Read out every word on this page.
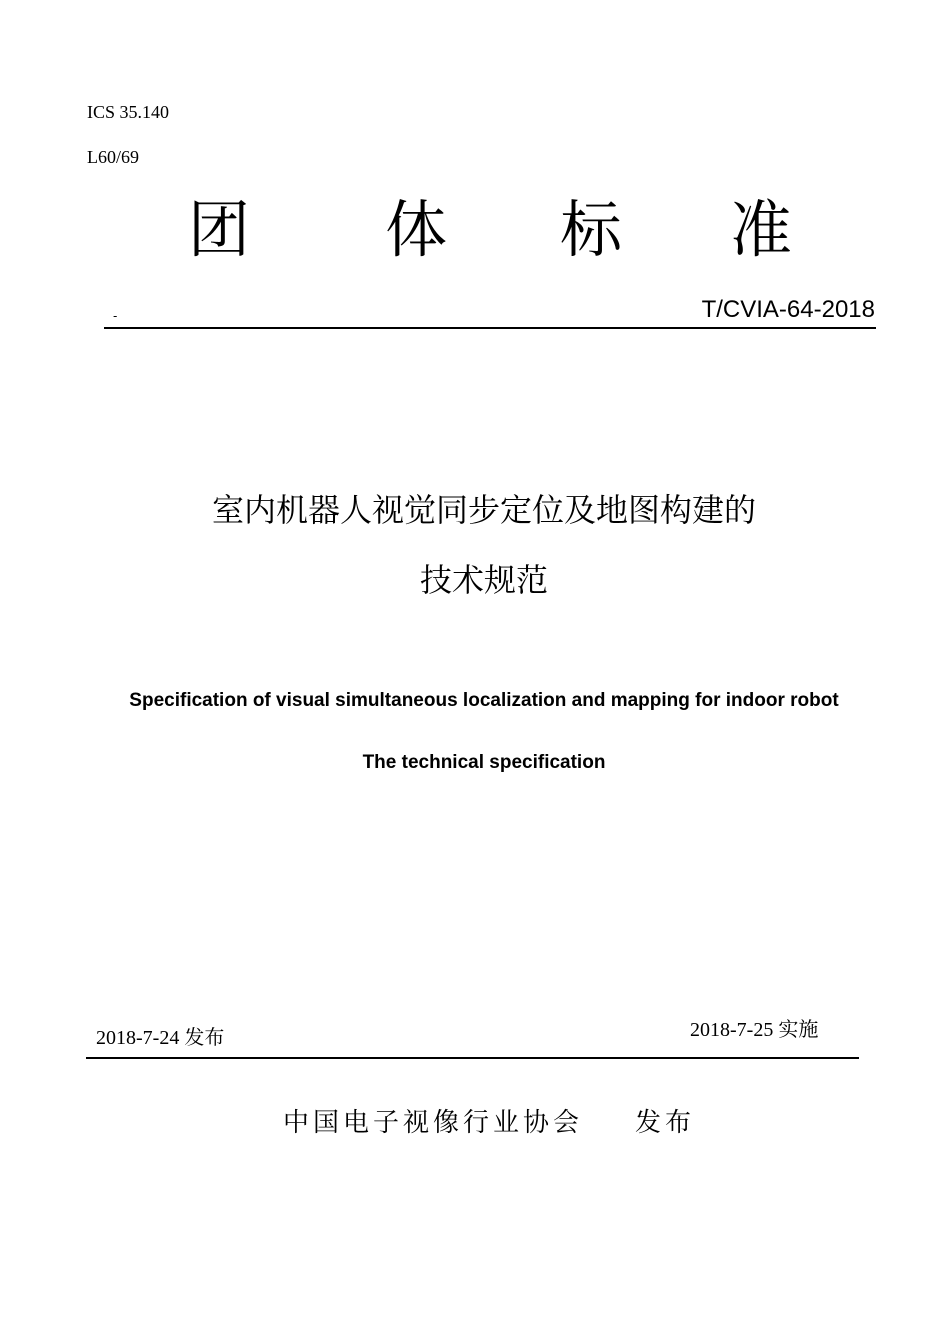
ICS 35.140
L60/69
团 体 标 准
-	T/CVIA-64-2018
室内机器人视觉同步定位及地图构建的
技术规范
Specification of visual simultaneous localization and mapping for indoor robot
The technical specification
2018-7-24 发布	2018-7-25 实施
中国电子视像行业协会 发布
